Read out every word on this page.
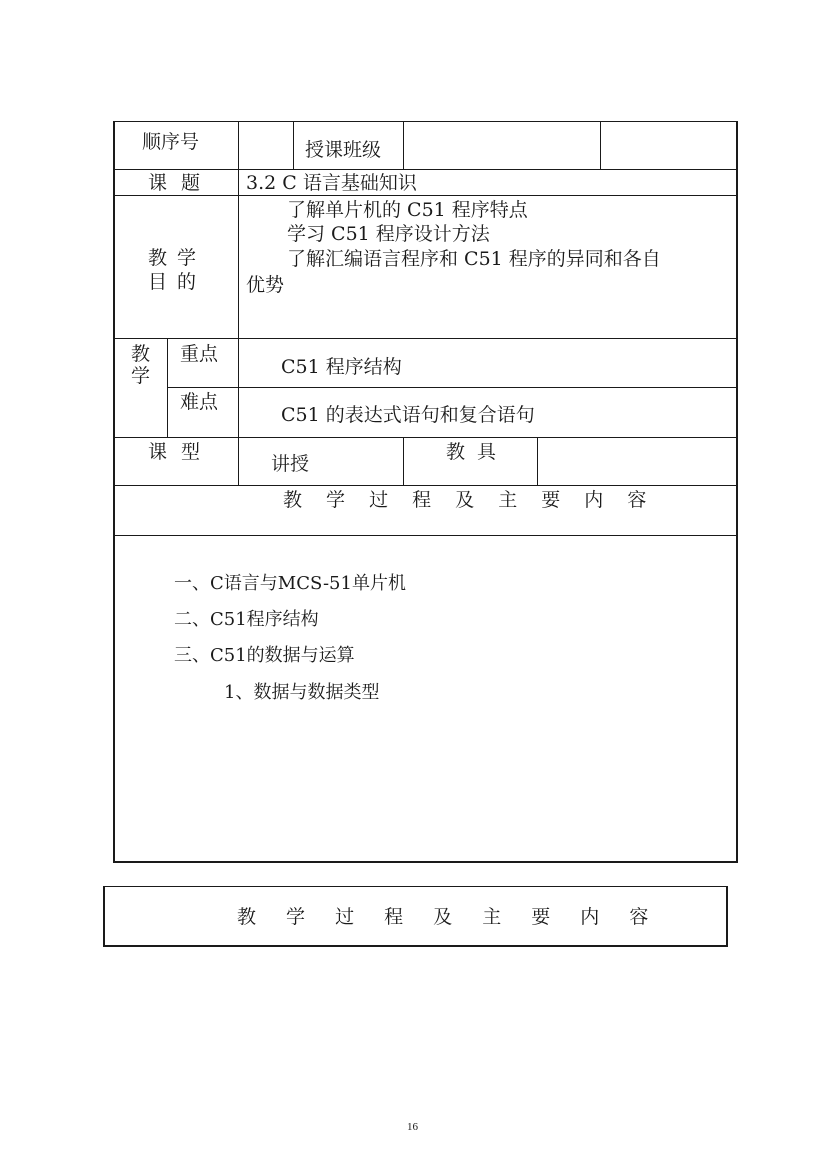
顺序号	授课班级
课 题 3.2 C 语言基础知识
教 学
目 的
了解单片机的 C51 程序特点
学习 C51 程序设计方法
了解汇编语言程序和 C51 程序的异同和各自
优势
教
学
重点
C51 程序结构
难点
C51 的表达式语句和复合语句
课 型
讲授
教 具
教 学 过 程 及 主 要 内 容
一、C语言与MCS-51单片机
二、C51程序结构
三、C51的数据与运算
1、数据与数据类型
教 学 过 程 及 主 要 内 容
16
